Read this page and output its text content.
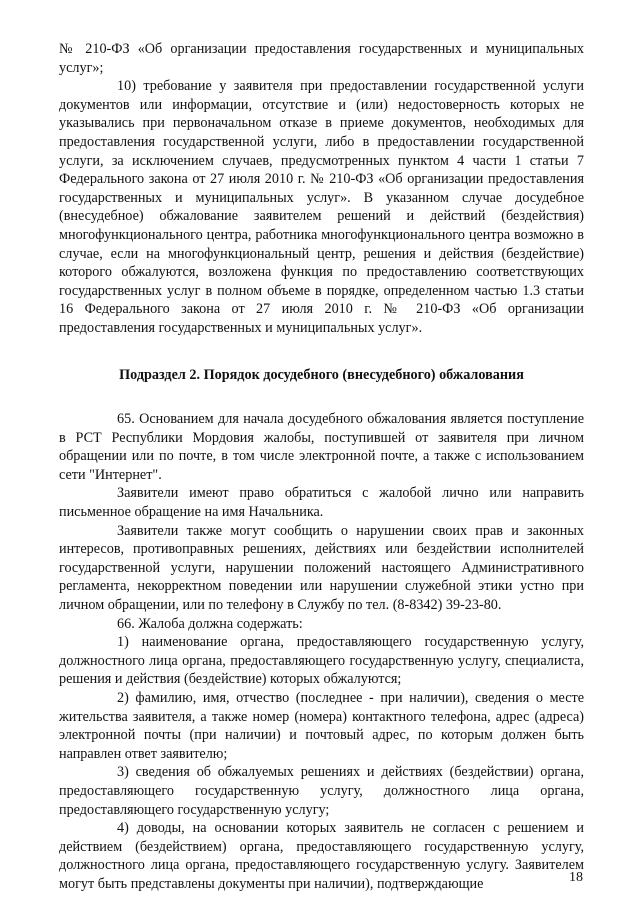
№ 210-ФЗ «Об организации предоставления государственных и муниципальных услуг»;

10) требование у заявителя при предоставлении государственной услуги документов или информации, отсутствие и (или) недостоверность которых не указывались при первоначальном отказе в приеме документов, необходимых для предоставления государственной услуги, либо в предоставлении государственной услуги, за исключением случаев, предусмотренных пунктом 4 части 1 статьи 7 Федерального закона от 27 июля 2010 г. № 210-ФЗ «Об организации предоставления государственных и муниципальных услуг». В указанном случае досудебное (внесудебное) обжалование заявителем решений и действий (бездействия) многофункционального центра, работника многофункционального центра возможно в случае, если на многофункциональный центр, решения и действия (бездействие) которого обжалуются, возложена функция по предоставлению соответствующих государственных услуг в полном объеме в порядке, определенном частью 1.3 статьи 16 Федерального закона от 27 июля 2010 г. № 210-ФЗ «Об организации предоставления государственных и муниципальных услуг».

Подраздел 2. Порядок досудебного (внесудебного) обжалования

65. Основанием для начала досудебного обжалования является поступление в РСТ Республики Мордовия жалобы, поступившей от заявителя при личном обращении или по почте, в том числе электронной почте, а также с использованием сети "Интернет".

Заявители имеют право обратиться с жалобой лично или направить письменное обращение на имя Начальника.

Заявители также могут сообщить о нарушении своих прав и законных интересов, противоправных решениях, действиях или бездействии исполнителей государственной услуги, нарушении положений настоящего Административного регламента, некорректном поведении или нарушении служебной этики устно при личном обращении, или по телефону в Службу по тел. (8-8342) 39-23-80.

66. Жалоба должна содержать:

1) наименование органа, предоставляющего государственную услугу, должностного лица органа, предоставляющего государственную услугу, специалиста, решения и действия (бездействие) которых обжалуются;

2) фамилию, имя, отчество (последнее - при наличии), сведения о месте жительства заявителя, а также номер (номера) контактного телефона, адрес (адреса) электронной почты (при наличии) и почтовый адрес, по которым должен быть направлен ответ заявителю;

3) сведения об обжалуемых решениях и действиях (бездействии) органа, предоставляющего государственную услугу, должностного лица органа, предоставляющего государственную услугу;

4) доводы, на основании которых заявитель не согласен с решением и действием (бездействием) органа, предоставляющего государственную услугу, должностного лица органа, предоставляющего государственную услугу. Заявителем могут быть представлены документы при наличии), подтверждающие	18
